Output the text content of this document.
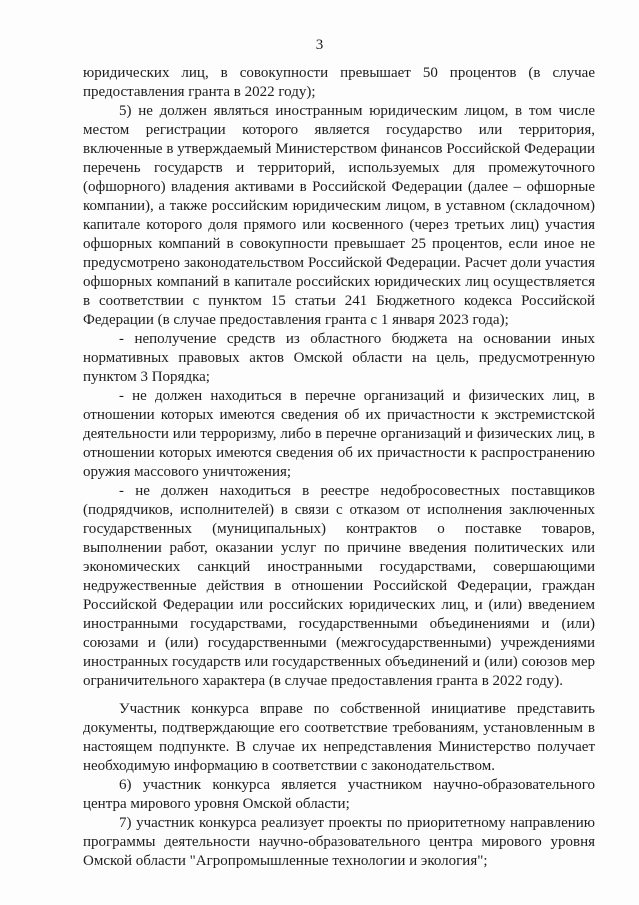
3

юридических лиц, в совокупности превышает 50 процентов (в случае предоставления гранта в 2022 году);

5) не должен являться иностранным юридическим лицом, в том числе местом регистрации которого является государство или территория, включенные в утверждаемый Министерством финансов Российской Федерации перечень государств и территорий, используемых для промежуточного (офшорного) владения активами в Российской Федерации (далее – офшорные компании), а также российским юридическим лицом, в уставном (складочном) капитале которого доля прямого или косвенного (через третьих лиц) участия офшорных компаний в совокупности превышает 25 процентов, если иное не предусмотрено законодательством Российской Федерации. Расчет доли участия офшорных компаний в капитале российских юридических лиц осуществляется в соответствии с пунктом 15 статьи 241 Бюджетного кодекса Российской Федерации (в случае предоставления гранта с 1 января 2023 года);

- неполучение средств из областного бюджета на основании иных нормативных правовых актов Омской области на цель, предусмотренную пунктом 3 Порядка;

- не должен находиться в перечне организаций и физических лиц, в отношении которых имеются сведения об их причастности к экстремистской деятельности или терроризму, либо в перечне организаций и физических лиц, в отношении которых имеются сведения об их причастности к распространению оружия массового уничтожения;

- не должен находиться в реестре недобросовестных поставщиков (подрядчиков, исполнителей) в связи с отказом от исполнения заключенных государственных (муниципальных) контрактов о поставке товаров, выполнении работ, оказании услуг по причине введения политических или экономических санкций иностранными государствами, совершающими недружественные действия в отношении Российской Федерации, граждан Российской Федерации или российских юридических лиц, и (или) введением иностранными государствами, государственными объединениями и (или) союзами и (или) государственными (межгосударственными) учреждениями иностранных государств или государственных объединений и (или) союзов мер ограничительного характера (в случае предоставления гранта в 2022 году).

Участник конкурса вправе по собственной инициативе представить документы, подтверждающие его соответствие требованиям, установленным в настоящем подпункте. В случае их непредставления Министерство получает необходимую информацию в соответствии с законодательством.

6) участник конкурса является участником научно-образовательного центра мирового уровня Омской области;

7) участник конкурса реализует проекты по приоритетному направлению программы деятельности научно-образовательного центра мирового уровня Омской области "Агропромышленные технологии и экология";
